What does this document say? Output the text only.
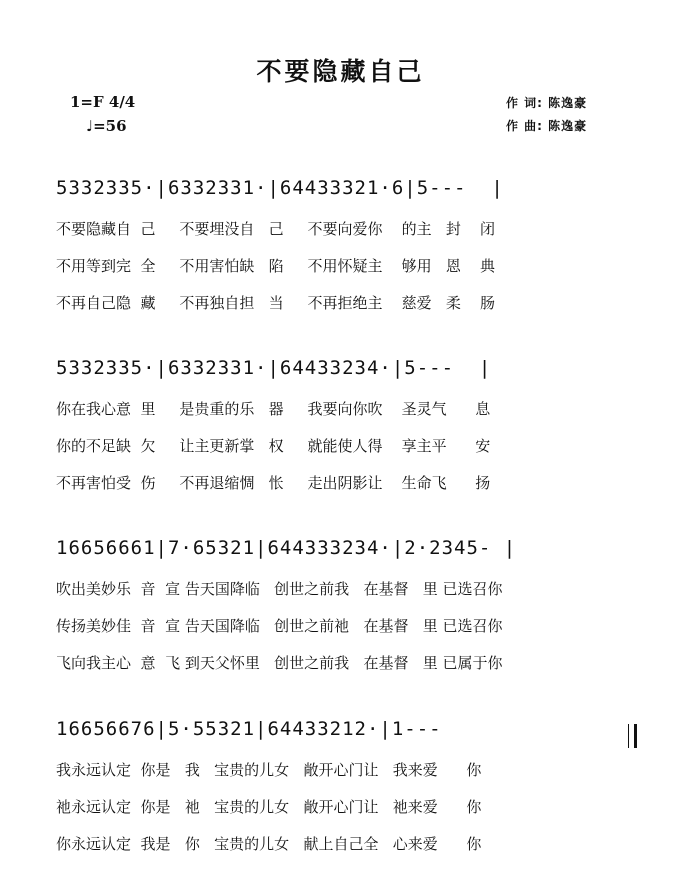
不要隐藏自己
1=F 4/4
♩=56
作 词: 陈逸豪
作 曲: 陈逸豪
5332335·|6332331·|64433321·6|5---  |
不要隐藏自  己     不要埋没自   己     不要向爱你    的主   封    闭
不用等到完  全     不用害怕缺   陷     不用怀疑主    够用   恩    典
不再自己隐  藏     不再独自担   当     不再拒绝主    慈爱   柔    肠
5332335·|6332331·|64433234·|5---  |
你在我心意  里     是贵重的乐   器     我要向你吹    圣灵气      息
你的不足缺  欠     让主更新掌   权     就能使人得    享主平      安
不再害怕受  伤     不再退缩惆   怅     走出阴影让    生命飞      扬
16656661|7·65321|644333234·|2·2345- |
吹出美妙乐  音  宣 告天国降临   创世之前我   在基督   里 已选召你
传扬美妙佳  音  宣 告天国降临   创世之前祂   在基督   里 已选召你
飞向我主心  意  飞 到天父怀里   创世之前我   在基督   里 已属于你
16656676|5·55321|64433212·|1---
我永远认定  你是   我   宝贵的儿女   敞开心门让   我来爱      你
祂永远认定  你是   祂   宝贵的儿女   敞开心门让   祂来爱      你
你永远认定  我是   你   宝贵的儿女   献上自己全   心来爱      你
